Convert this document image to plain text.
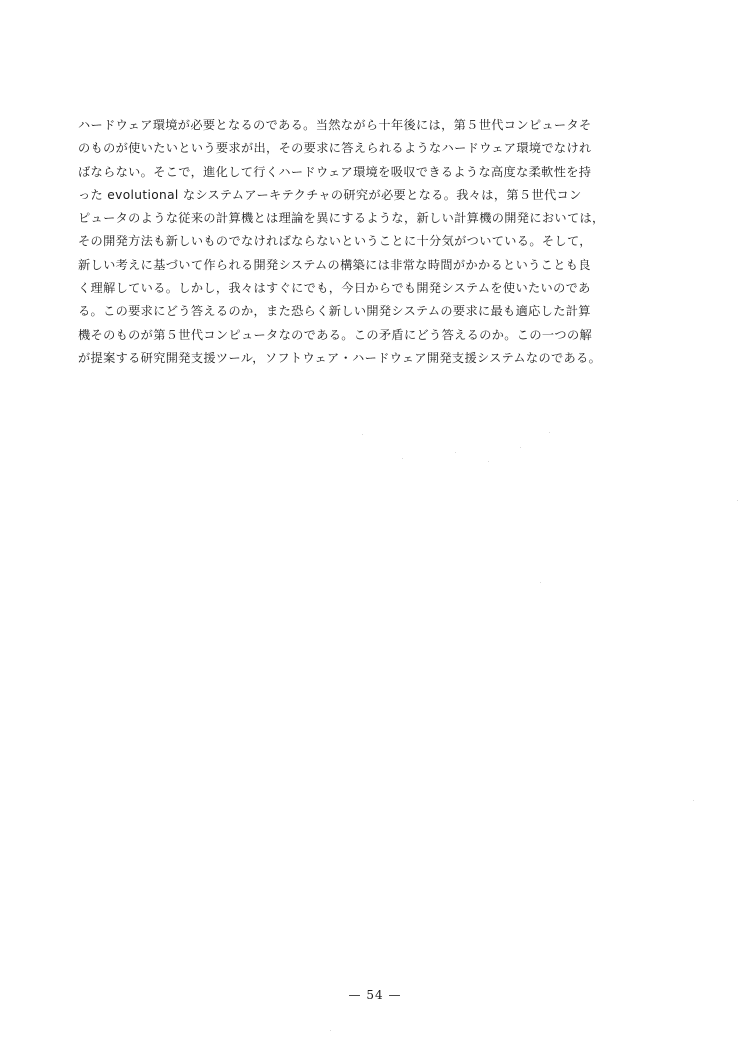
ハードウェア環境が必要となるのである。当然ながら十年後には，第５世代コンピュータそ
のものが使いたいという要求が出，その要求に答えられるようなハードウェア環境でなけれ
ばならない。そこで，進化して行くハードウェア環境を吸収できるような高度な柔軟性を持
った evolutional なシステムアーキテクチャの研究が必要となる。我々は，第５世代コン
ピュータのような従来の計算機とは理論を異にするような，新しい計算機の開発においては，
その開発方法も新しいものでなければならないということに十分気がついている。そして，
新しい考えに基づいて作られる開発システムの構築には非常な時間がかかるということも良
く理解している。しかし，我々はすぐにでも，今日からでも開発システムを使いたいのであ
る。この要求にどう答えるのか，また恐らく新しい開発システムの要求に最も適応した計算
機そのものが第５世代コンピュータなのである。この矛盾にどう答えるのか。この一つの解
が提案する研究開発支援ツール，ソフトウェア・ハードウェア開発支援システムなのである。
— 54 —
